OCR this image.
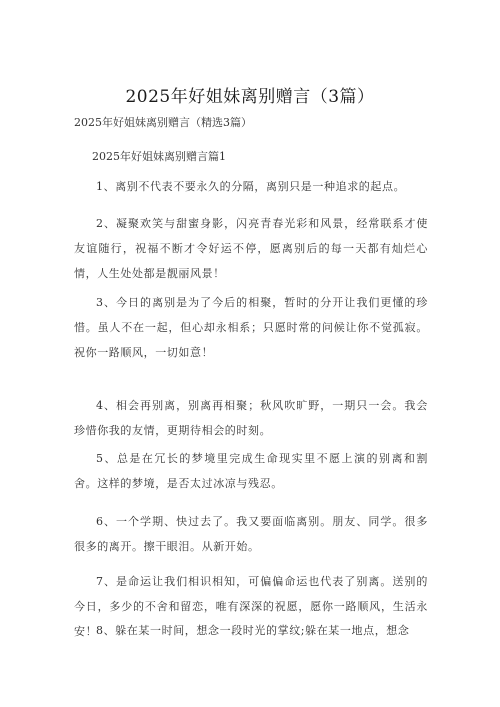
2025年好姐妹离别赠言（3篇）
2025年好姐妹离别赠言（精选3篇）
2025年好姐妹离别赠言篇1
1、离别不代表不要永久的分隔，离别只是一种追求的起点。
2、凝聚欢笑与甜蜜身影，闪亮青春光彩和风景，经常联系才使友谊随行，祝福不断才令好运不停，愿离别后的每一天都有灿烂心情，人生处处都是靓丽风景！
3、今日的离别是为了今后的相聚，暂时的分开让我们更懂的珍惜。虽人不在一起，但心却永相系；只愿时常的问候让你不觉孤寂。祝你一路顺风，一切如意！
4、相会再别离，别离再相聚；秋风吹旷野，一期只一会。我会珍惜你我的友情，更期待相会的时刻。
5、总是在冗长的梦境里完成生命现实里不愿上演的别离和割舍。这样的梦境，是否太过冰凉与残忍。
6、一个学期、快过去了。我又要面临离别。朋友、同学。很多很多的离开。擦干眼泪。从新开始。
7、是命运让我们相识相知，可偏偏命运也代表了别离。送别的今日，多少的不舍和留恋，唯有深深的祝愿，愿你一路顺风，生活永安！
8、躲在某一时间，想念一段时光的掌纹;躲在某一地点，想念
